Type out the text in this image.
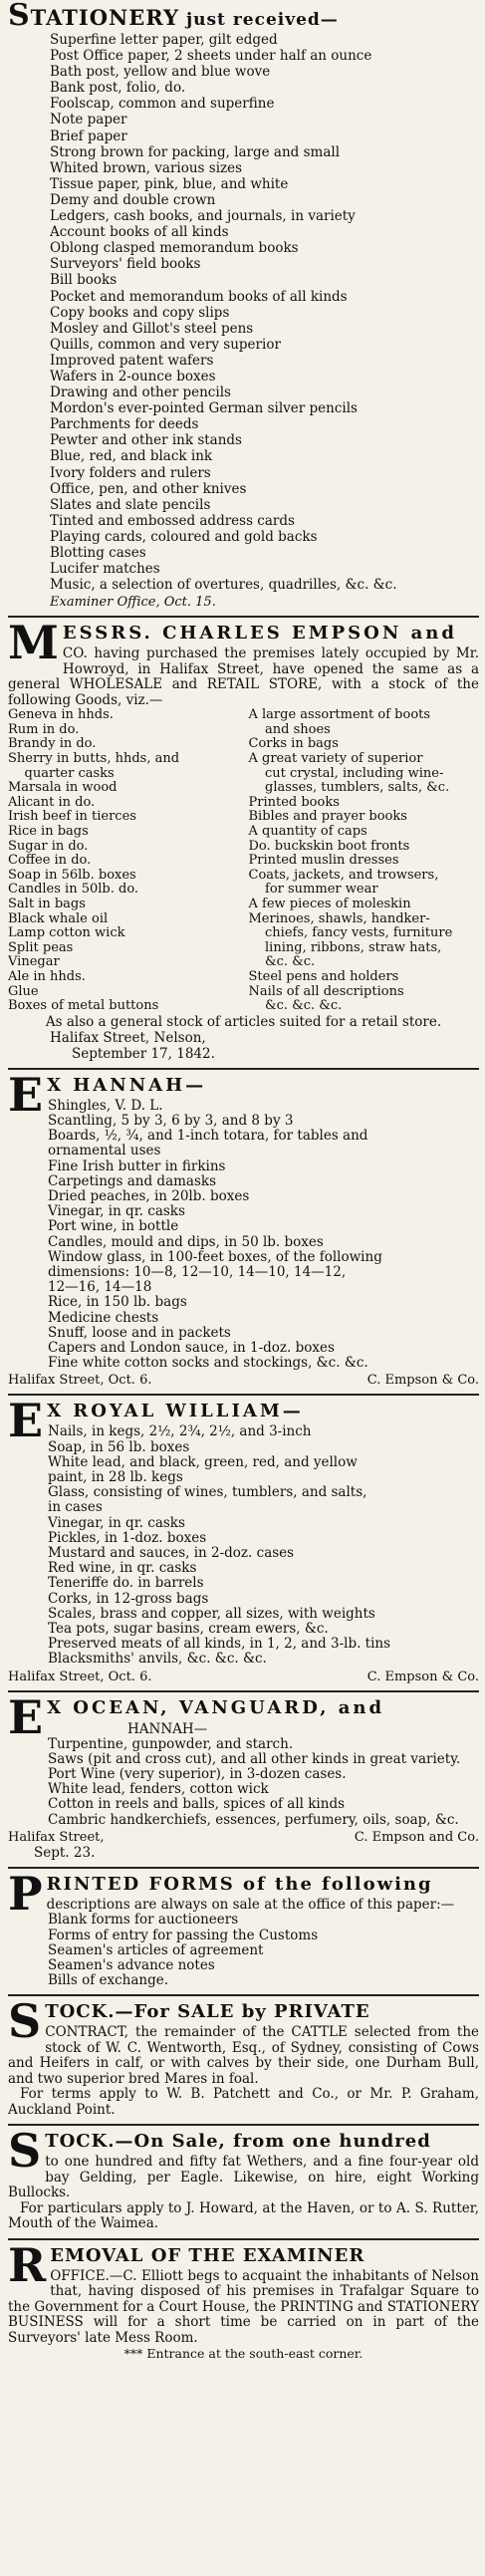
STATIONERY just received—
Superfine letter paper, gilt edged
Post Office paper, 2 sheets under half an ounce
Bath post, yellow and blue wove
Bank post, folio, do.
Foolscap, common and superfine
Note paper
Brief paper
Strong brown for packing, large and small
Whited brown, various sizes
Tissue paper, pink, blue, and white
Demy and double crown
Ledgers, cash books, and journals, in variety
Account books of all kinds
Oblong clasped memorandum books
Surveyors' field books
Bill books
Pocket and memorandum books of all kinds
Copy books and copy slips
Mosley and Gillot's steel pens
Quills, common and very superior
Improved patent wafers
Wafers in 2-ounce boxes
Drawing and other pencils
Mordon's ever-pointed German silver pencils
Parchments for deeds
Pewter and other ink stands
Blue, red, and black ink
Ivory folders and rulers
Office, pen, and other knives
Slates and slate pencils
Tinted and embossed address cards
Playing cards, coloured and gold backs
Blotting cases
Lucifer matches
Music, a selection of overtures, quadrilles, &c. &c.
Examiner Office, Oct. 15.
M ESSRS. CHARLES EMPSON and
CO. having purchased the premises lately occupied by Mr. Howroyd, in Halifax Street, have opened the same as a general WHOLESALE and RETAIL STORE, with a stock of the following Goods, viz.—
Geneva in hhds.
Rum in do.
Brandy in do.
Sherry in butts, hhds, and
quarter casks
Marsala in wood
Alicant in do.
Irish beef in tierces
Rice in bags
Sugar in do.
Coffee in do.
Soap in 56lb. boxes
Candles in 50lb. do.
Salt in bags
Black whale oil
Lamp cotton wick
Split peas
Vinegar
Ale in hhds.
Glue
Boxes of metal buttons
A large assortment of boots
and shoes
Corks in bags
A great variety of superior
cut crystal, including wine-
glasses, tumblers, salts, &c.
Printed books
Bibles and prayer books
A quantity of caps
Do. buckskin boot fronts
Printed muslin dresses
Coats, jackets, and trowsers,
for summer wear
A few pieces of moleskin
Merinoes, shawls, handker-
chiefs, fancy vests, furniture
lining, ribbons, straw hats,
&c. &c.
Steel pens and holders
Nails of all descriptions
&c. &c. &c.
As also a general stock of articles suited for a retail store.
Halifax Street, Nelson,
September 17, 1842.
E X HANNAH—
Shingles, V. D. L.
Scantling, 5 by 3, 6 by 3, and 8 by 3
Boards, ½, ¾, and 1-inch totara, for tables and
ornamental uses
Fine Irish butter in firkins
Carpetings and damasks
Dried peaches, in 20lb. boxes
Vinegar, in qr. casks
Port wine, in bottle
Candles, mould and dips, in 50 lb. boxes
Window glass, in 100-feet boxes, of the following
dimensions: 10—8, 12—10, 14—10, 14—12,
12—16, 14—18
Rice, in 150 lb. bags
Medicine chests
Snuff, loose and in packets
Capers and London sauce, in 1-doz. boxes
Fine white cotton socks and stockings, &c. &c.
Halifax Street, Oct. 6.	C. Empson & Co.
E X ROYAL WILLIAM—
Nails, in kegs, 2½, 2¾, 2½, and 3-inch
Soap, in 56 lb. boxes
White lead, and black, green, red, and yellow
paint, in 28 lb. kegs
Glass, consisting of wines, tumblers, and salts,
in cases
Vinegar, in qr. casks
Pickles, in 1-doz. boxes
Mustard and sauces, in 2-doz. cases
Red wine, in qr. casks
Teneriffe do. in barrels
Corks, in 12-gross bags
Scales, brass and copper, all sizes, with weights
Tea pots, sugar basins, cream ewers, &c.
Preserved meats of all kinds, in 1, 2, and 3-lb. tins
Blacksmiths' anvils, &c. &c. &c.
Halifax Street, Oct. 6.	C. Empson & Co.
E X OCEAN, VANGUARD, and
HANNAH—
Turpentine, gunpowder, and starch.
Saws (pit and cross cut), and all other kinds in great variety.
Port Wine (very superior), in 3-dozen cases.
White lead, fenders, cotton wick
Cotton in reels and balls, spices of all kinds
Cambric handkerchiefs, essences, perfumery, oils, soap, &c.
Halifax Street,	C. Empson and Co.
Sept. 23.
P RINTED FORMS of the following
descriptions are always on sale at the office of this paper:—
Blank forms for auctioneers
Forms of entry for passing the Customs
Seamen's articles of agreement
Seamen's advance notes
Bills of exchange.
S TOCK.—For SALE by PRIVATE
CONTRACT, the remainder of the CATTLE selected from the stock of W. C. Wentworth, Esq., of Sydney, consisting of Cows and Heifers in calf, or with calves by their side, one Durham Bull, and two superior bred Mares in foal.
For terms apply to W. B. Patchett and Co., or Mr. P. Graham, Auckland Point.
S TOCK.—On Sale, from one hundred
to one hundred and fifty fat Wethers, and a fine four-year old bay Gelding, per Eagle. Likewise, on hire, eight Working Bullocks.
For particulars apply to J. Howard, at the Haven, or to A. S. Rutter, Mouth of the Waimea.
R EMOVAL OF THE EXAMINER
OFFICE.—C. Elliott begs to acquaint the inhabitants of Nelson that, having disposed of his premises in Trafalgar Square to the Government for a Court House, the PRINTING and STATIONERY BUSINESS will for a short time be carried on in part of the Surveyors' late Mess Room.
*** Entrance at the south-east corner.
